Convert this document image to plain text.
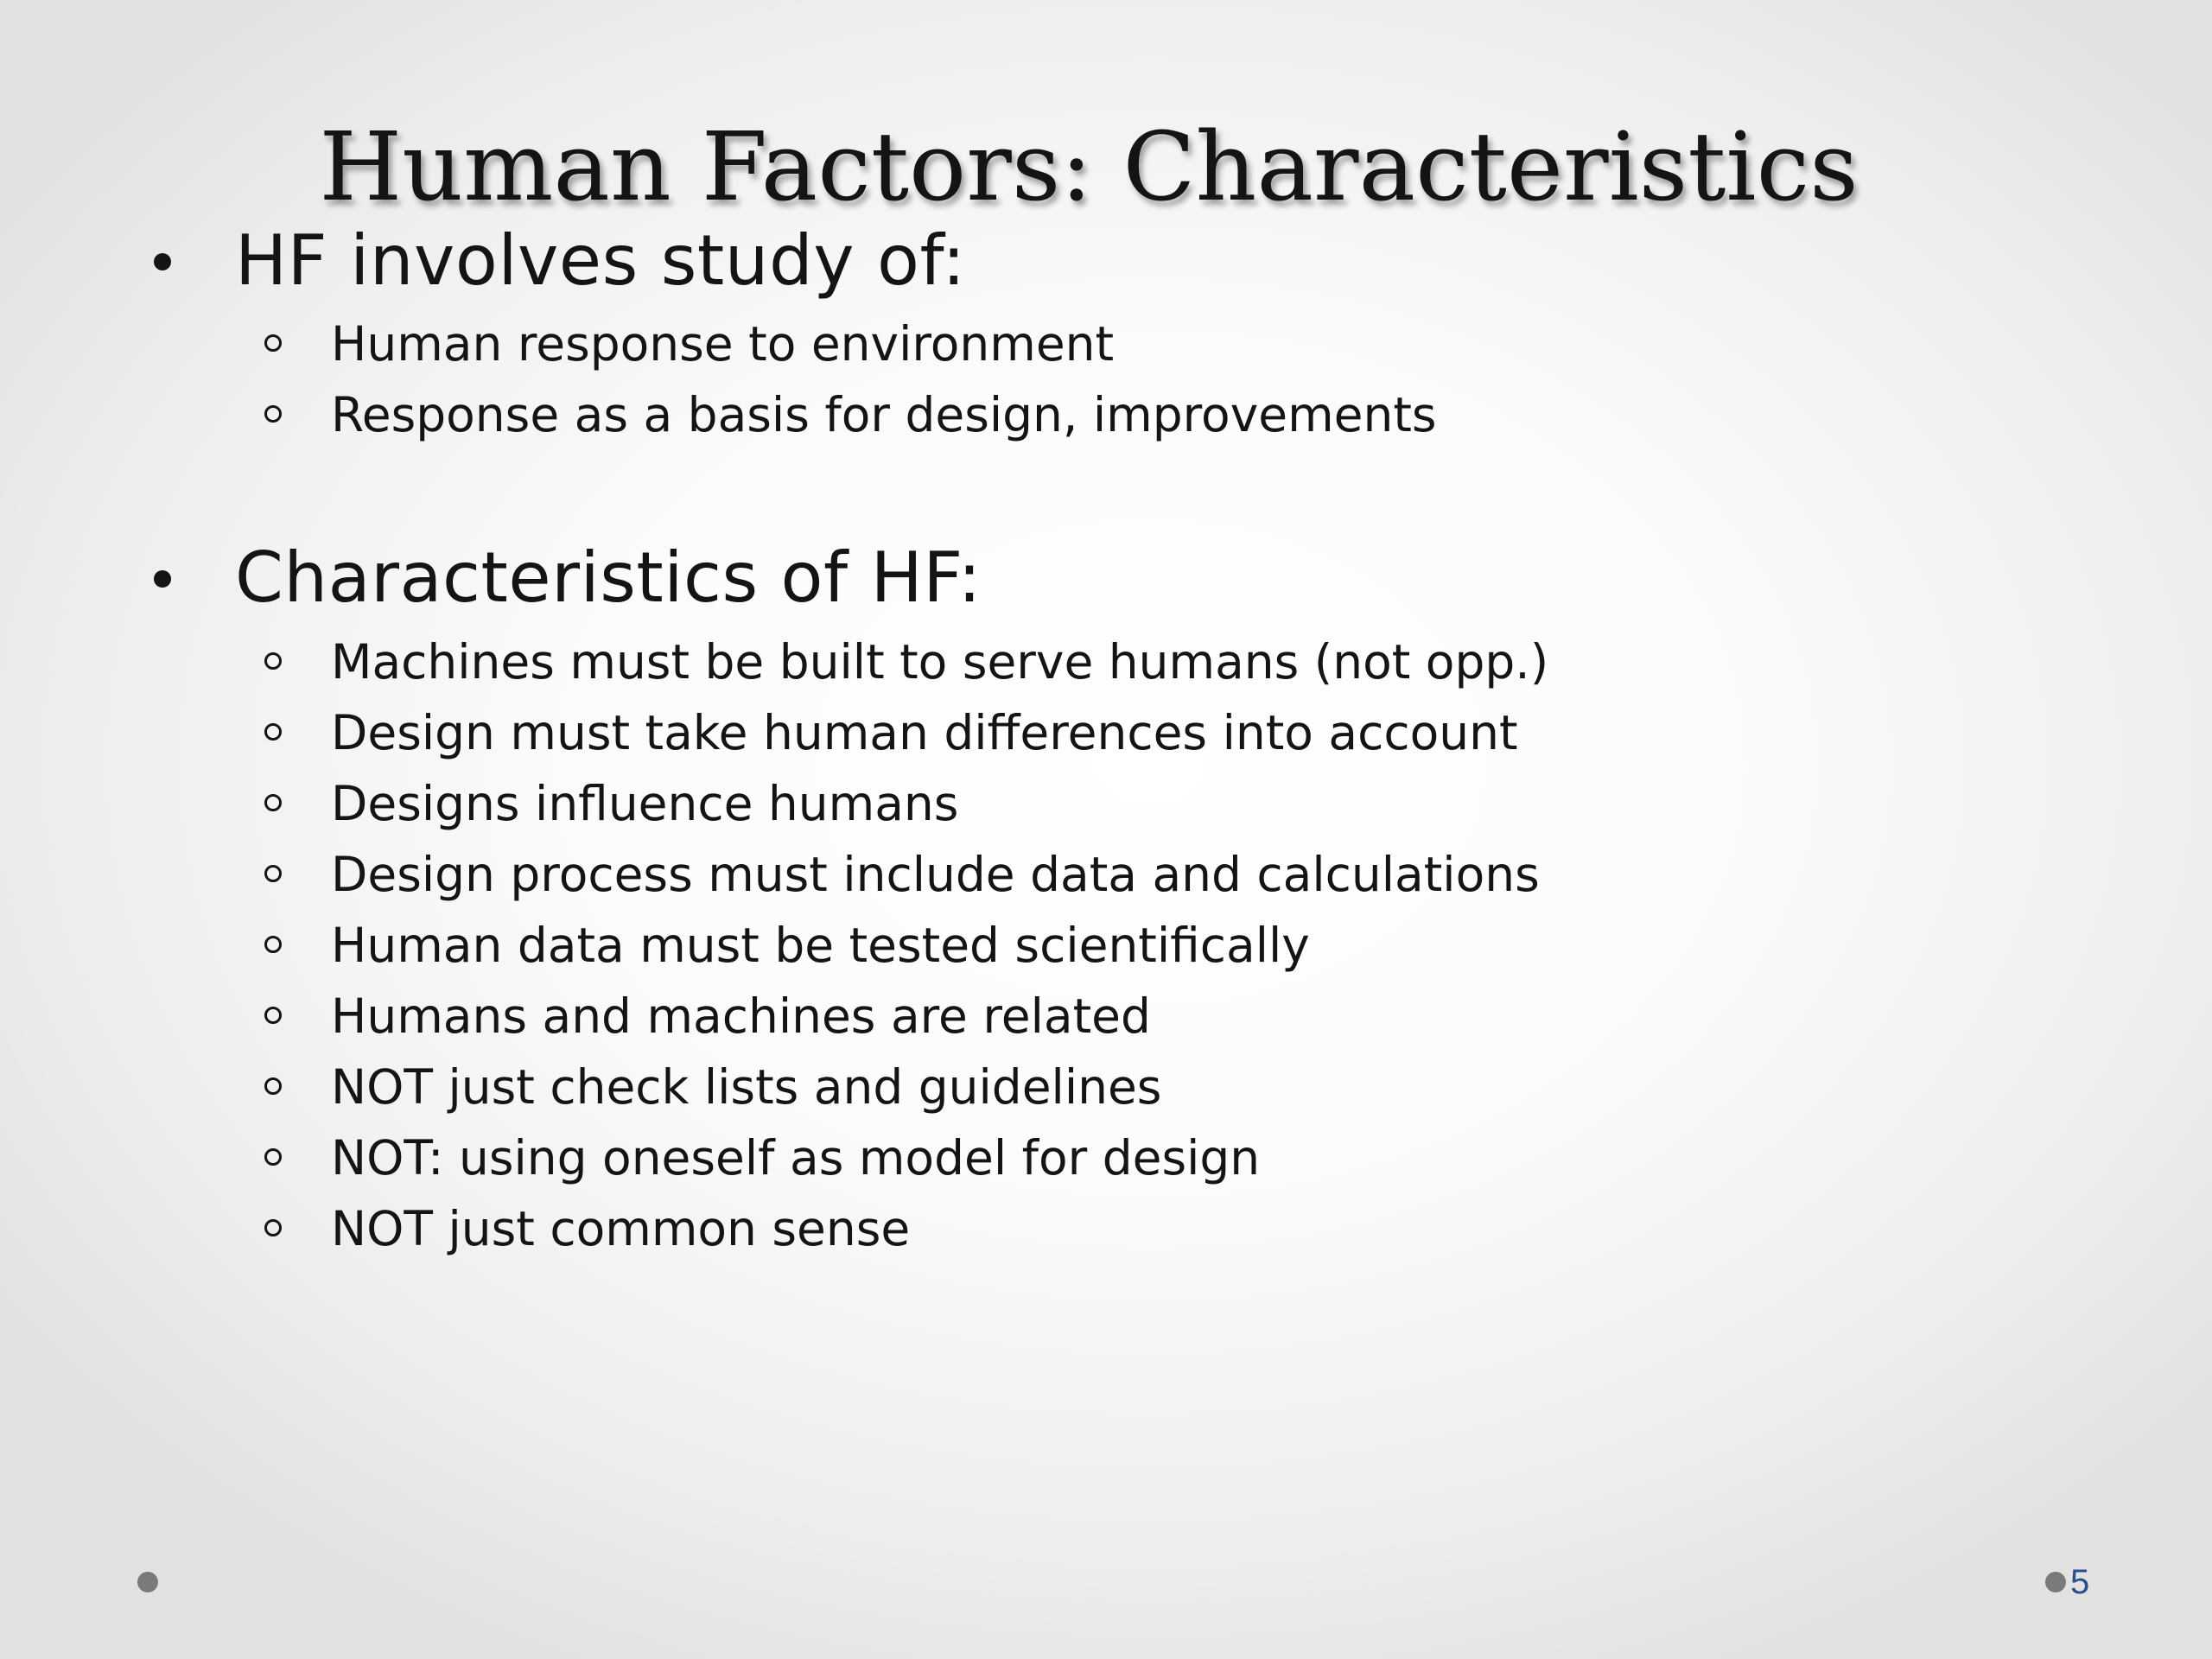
Human Factors: Characteristics
HF involves study of:
Human response to environment
Response as a basis for design, improvements
Characteristics of HF:
Machines must be built to serve humans (not opp.)
Design must take human differences into account
Designs influence humans
Design process must include data and calculations
Human data must be tested scientifically
Humans and machines are related
NOT just check lists and guidelines
NOT: using oneself as model for design
NOT just common sense
5
